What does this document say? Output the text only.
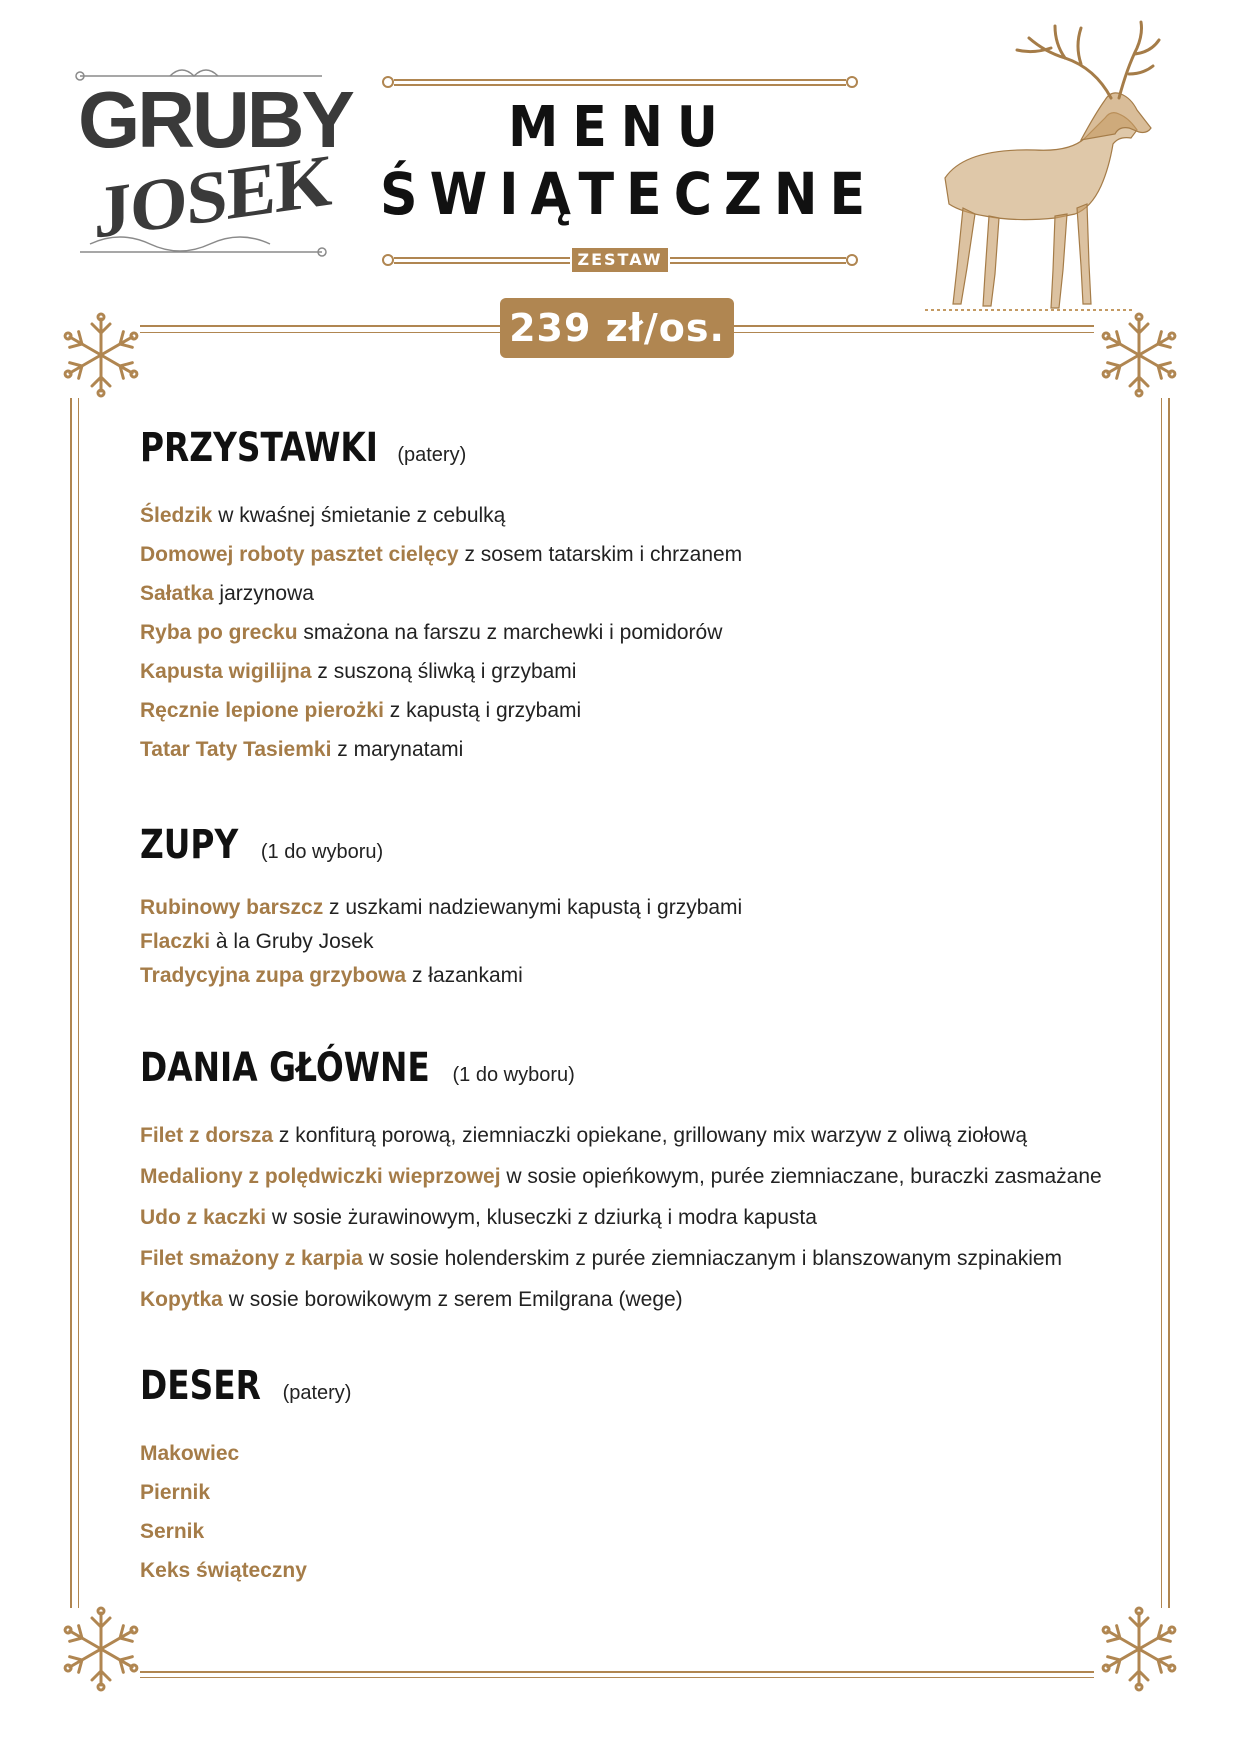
GRUBY
JOSEK
MENU
ŚWIĄTECZNE
ZESTAW 3
239 zł/os.
PRZYSTAWKI (patery)
Śledzik w kwaśnej śmietanie z cebulką
Domowej roboty pasztet cielęcy z sosem tatarskim i chrzanem
Sałatka jarzynowa
Ryba po grecku smażona na farszu z marchewki i pomidorów
Kapusta wigilijna z suszoną śliwką i grzybami
Ręcznie lepione pierożki z kapustą i grzybami
Tatar Taty Tasiemki z marynatami
ZUPY (1 do wyboru)
Rubinowy barszcz z uszkami nadziewanymi kapustą i grzybami
Flaczki à la Gruby Josek
Tradycyjna zupa grzybowa z łazankami
DANIA GŁÓWNE (1 do wyboru)
Filet z dorsza z konfiturą porową, ziemniaczki opiekane, grillowany mix warzyw z oliwą ziołową
Medaliony z polędwiczki wieprzowej w sosie opieńkowym, purée ziemniaczane, buraczki zasmażane
Udo z kaczki w sosie żurawinowym, kluseczki z dziurką i modra kapusta
Filet smażony z karpia w sosie holenderskim z purée ziemniaczanym i blanszowanym szpinakiem
Kopytka w sosie borowikowym z serem Emilgrana (wege)
DESER (patery)
Makowiec
Piernik
Sernik
Keks świąteczny
